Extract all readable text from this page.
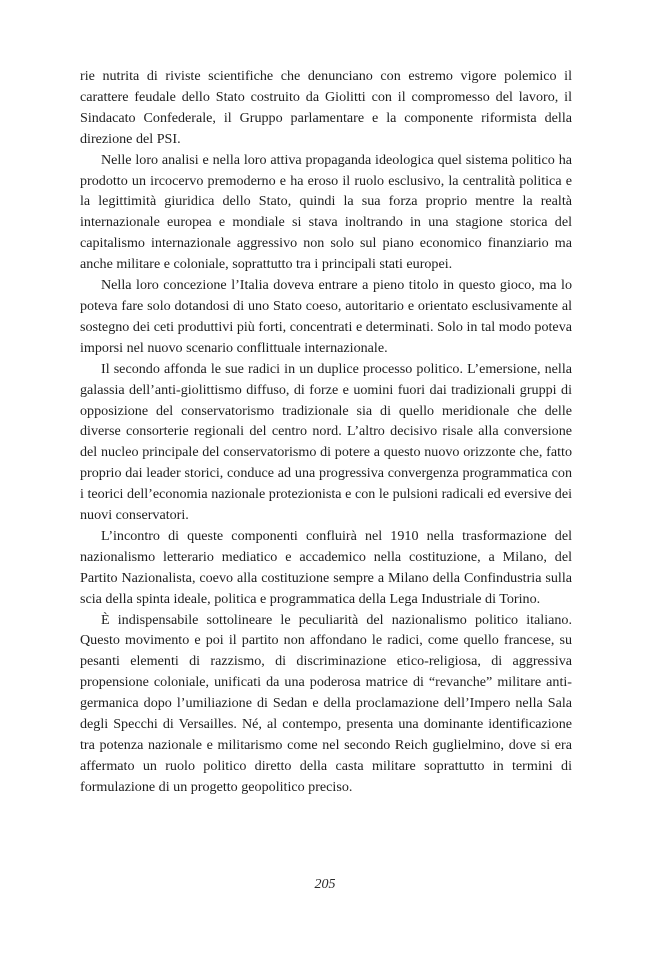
rie nutrita di riviste scientifiche che denunciano con estremo vigore polemico il carattere feudale dello Stato costruito da Giolitti con il compromesso del lavoro, il Sindacato Confederale, il Gruppo parlamentare e la componente riformista della direzione del PSI.

Nelle loro analisi e nella loro attiva propaganda ideologica quel sistema politico ha prodotto un ircocervo premoderno e ha eroso il ruolo esclusivo, la centralità politica e la legittimità giuridica dello Stato, quindi la sua forza proprio mentre la realtà internazionale europea e mondiale si stava inoltrando in una stagione storica del capitalismo internazionale aggressivo non solo sul piano economico finanziario ma anche militare e coloniale, soprattutto tra i principali stati europei.

Nella loro concezione l’Italia doveva entrare a pieno titolo in questo gioco, ma lo poteva fare solo dotandosi di uno Stato coeso, autoritario e orientato esclusivamente al sostegno dei ceti produttivi più forti, concentrati e determinati. Solo in tal modo poteva imporsi nel nuovo scenario conflittuale internazionale.

Il secondo affonda le sue radici in un duplice processo politico. L’emersione, nella galassia dell’anti-giolittismo diffuso, di forze e uomini fuori dai tradizionali gruppi di opposizione del conservatorismo tradizionale sia di quello meridionale che delle diverse consorterie regionali del centro nord. L’altro decisivo risale alla conversione del nucleo principale del conservatorismo di potere a questo nuovo orizzonte che, fatto proprio dai leader storici, conduce ad una progressiva convergenza programmatica con i teorici dell’economia nazionale protezionista e con le pulsioni radicali ed eversive dei nuovi conservatori.

L’incontro di queste componenti confluirà nel 1910 nella trasformazione del nazionalismo letterario mediatico e accademico nella costituzione, a Milano, del Partito Nazionalista, coevo alla costituzione sempre a Milano della Confindustria sulla scia della spinta ideale, politica e programmatica della Lega Industriale di Torino.

È indispensabile sottolineare le peculiarità del nazionalismo politico italiano. Questo movimento e poi il partito non affondano le radici, come quello francese, su pesanti elementi di razzismo, di discriminazione etico-religiosa, di aggressiva propensione coloniale, unificati da una poderosa matrice di “revanche” militare anti-germanica dopo l’umiliazione di Sedan e della proclamazione dell’Impero nella Sala degli Specchi di Versailles. Né, al contempo, presenta una dominante identificazione tra potenza nazionale e militarismo come nel secondo Reich guglielmino, dove si era affermato un ruolo politico diretto della casta militare soprattutto in termini di formulazione di un progetto geopolitico preciso.

205
